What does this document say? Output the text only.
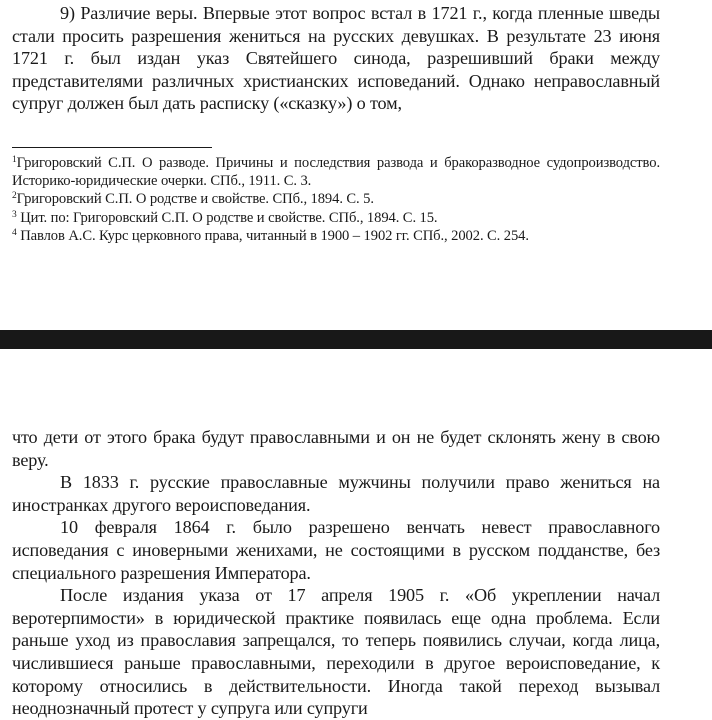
9) Различие веры. Впервые этот вопрос встал в 1721 г., когда пленные шведы стали просить разрешения жениться на русских девушках. В результате 23 июня 1721 г. был издан указ Святейшего синода, разрешивший браки между представителями различных христианских исповеданий. Однако неправославный супруг должен был дать расписку («сказку») о том,

$^1$Григоровский С.П. О разводе. Причины и последствия развода и бракоразводное судопроизводство. Историко-юридические очерки. СПб., 1911. С. 3.

$^2$Григоровский С.П. О родстве и свойстве. СПб., 1894. С. 5.

$^3$ Цит. по: Григоровский С.П. О родстве и свойстве. СПб., 1894. С. 15.

$^4$ Павлов А.С. Курс церковного права, читанный в 1900 – 1902 гг. СПб., 2002. С. 254.

что дети от этого брака будут православными и он не будет склонять жену в свою веру.

В 1833 г. русские православные мужчины получили право жениться на иностранках другого вероисповедания.

10 февраля 1864 г. было разрешено венчать невест православного исповедания с иноверными женихами, не состоящими в русском подданстве, без специального разрешения Императора.

После издания указа от 17 апреля 1905 г. «Об укреплении начал веротерпимости» в юридической практике появилась еще одна проблема. Если раньше уход из православия запрещался, то теперь появились случаи, когда лица, числившиеся раньше православными, переходили в другое вероисповедание, к которому относились в действительности. Иногда такой переход вызывал неоднозначный протест у супруга или супруги
